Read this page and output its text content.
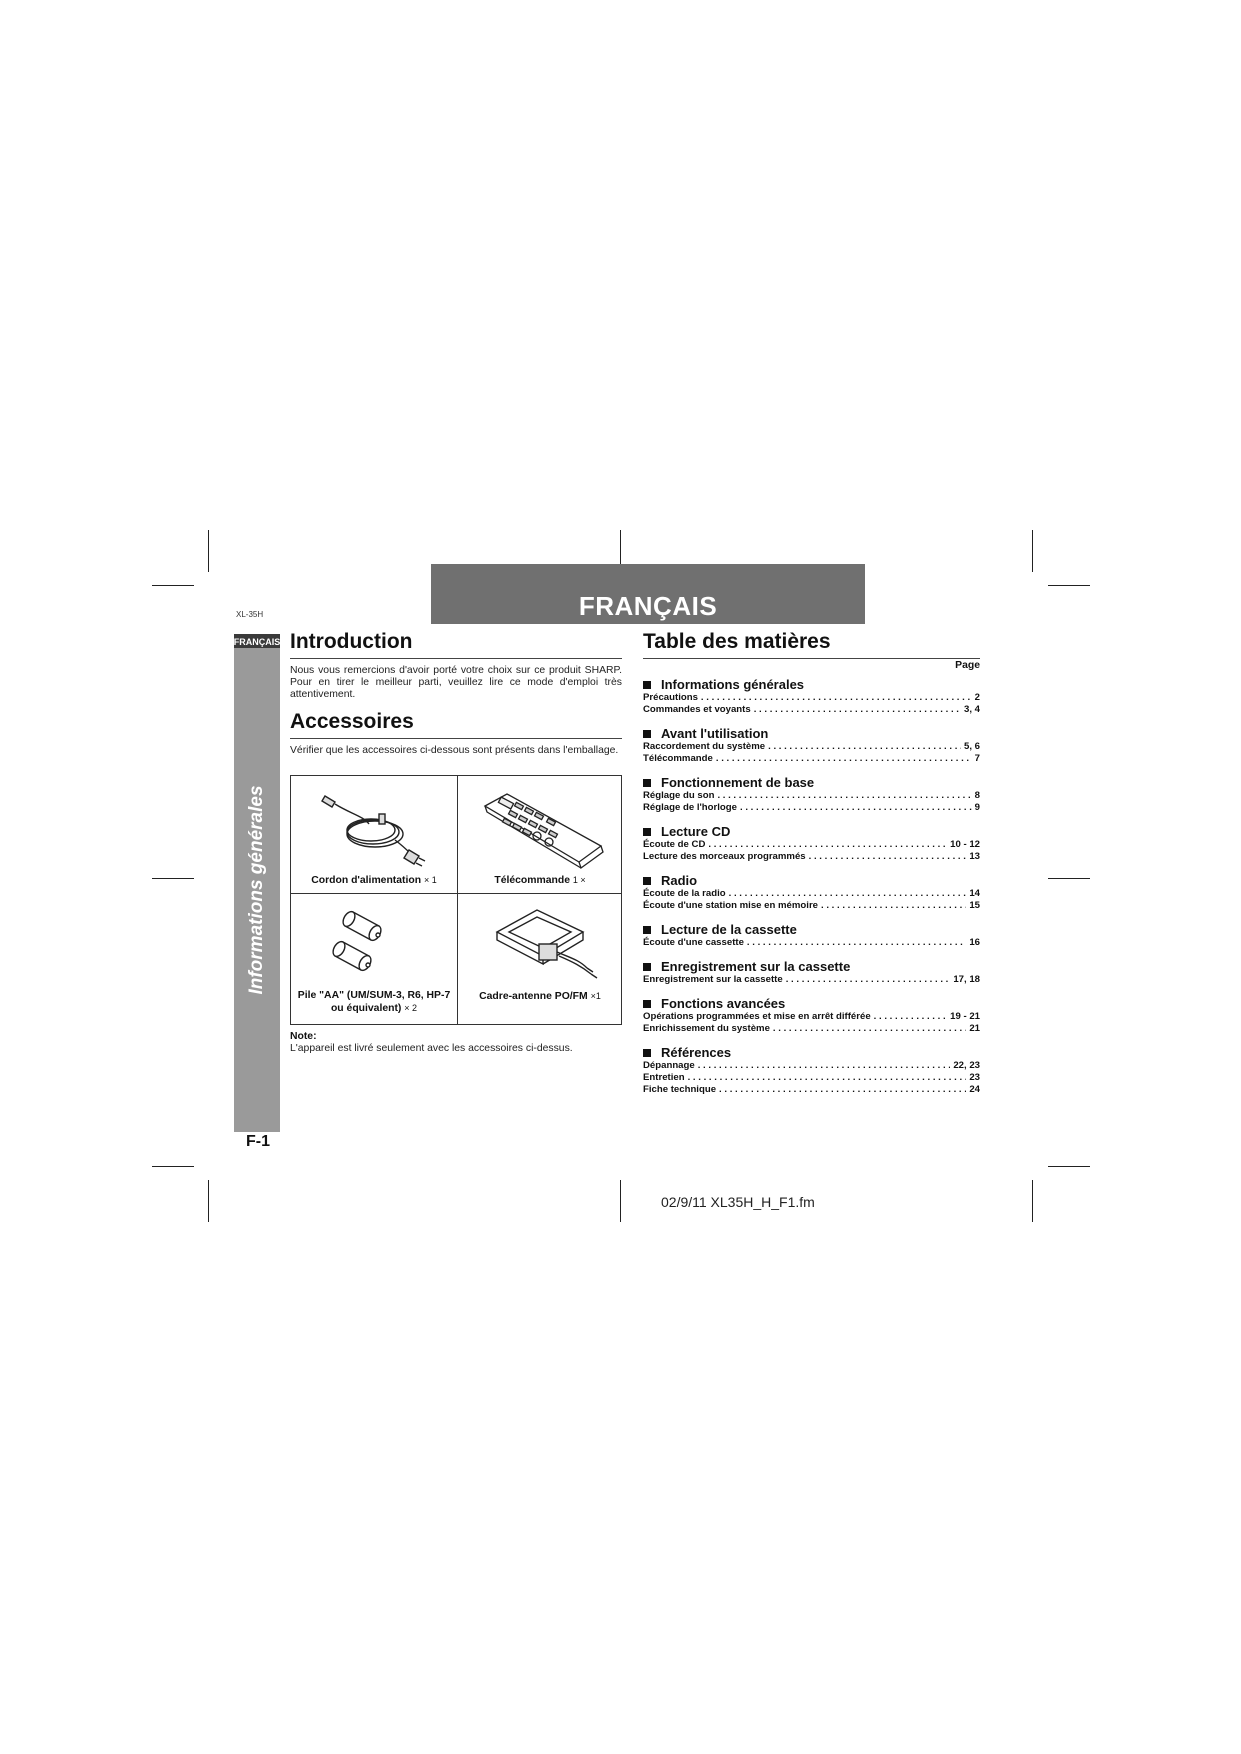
FRANÇAIS
XL-35H
FRANÇAIS
Informations générales
F-1
Introduction
Nous vous remercions d'avoir porté votre choix sur ce produit SHARP. Pour en tirer le meilleur parti, veuillez lire ce mode d'emploi très attentivement.
Accessoires
Vérifier que les accessoires ci-dessous sont présents dans l'emballage.
Cordon d'alimentation × 1	Télécommande 1 ×
Pile "AA" (UM/SUM-3, R6, HP-7 ou équivalent) × 2
Cadre-antenne PO/FM ×1
Note:
L'appareil est livré seulement avec les accessoires ci-dessus.
Table des matières
Page
Informations générales
Précautions . . .	2
Commandes et voyants . . .	3, 4
Avant l'utilisation
Raccordement du système . . .	5, 6
Télécommande . . .	7
Fonctionnement de base
Réglage du son . . .	8
Réglage de l'horloge . . .	9
Lecture CD
Écoute de CD . . .	10 - 12
Lecture des morceaux programmés . . .	13
Radio
Écoute de la radio . . .	14
Écoute d'une station mise en mémoire . . .	15
Lecture de la cassette
Écoute d'une cassette . . .	16
Enregistrement sur la cassette
Enregistrement sur la cassette . . .	17, 18
Fonctions avancées
Opérations programmées et mise en arrêt différée . . .	19 - 21
Enrichissement du système . . .	21
Références
Dépannage . . .	22, 23
Entretien . . .	23
Fiche technique . . .	24
02/9/11 XL35H_H_F1.fm
